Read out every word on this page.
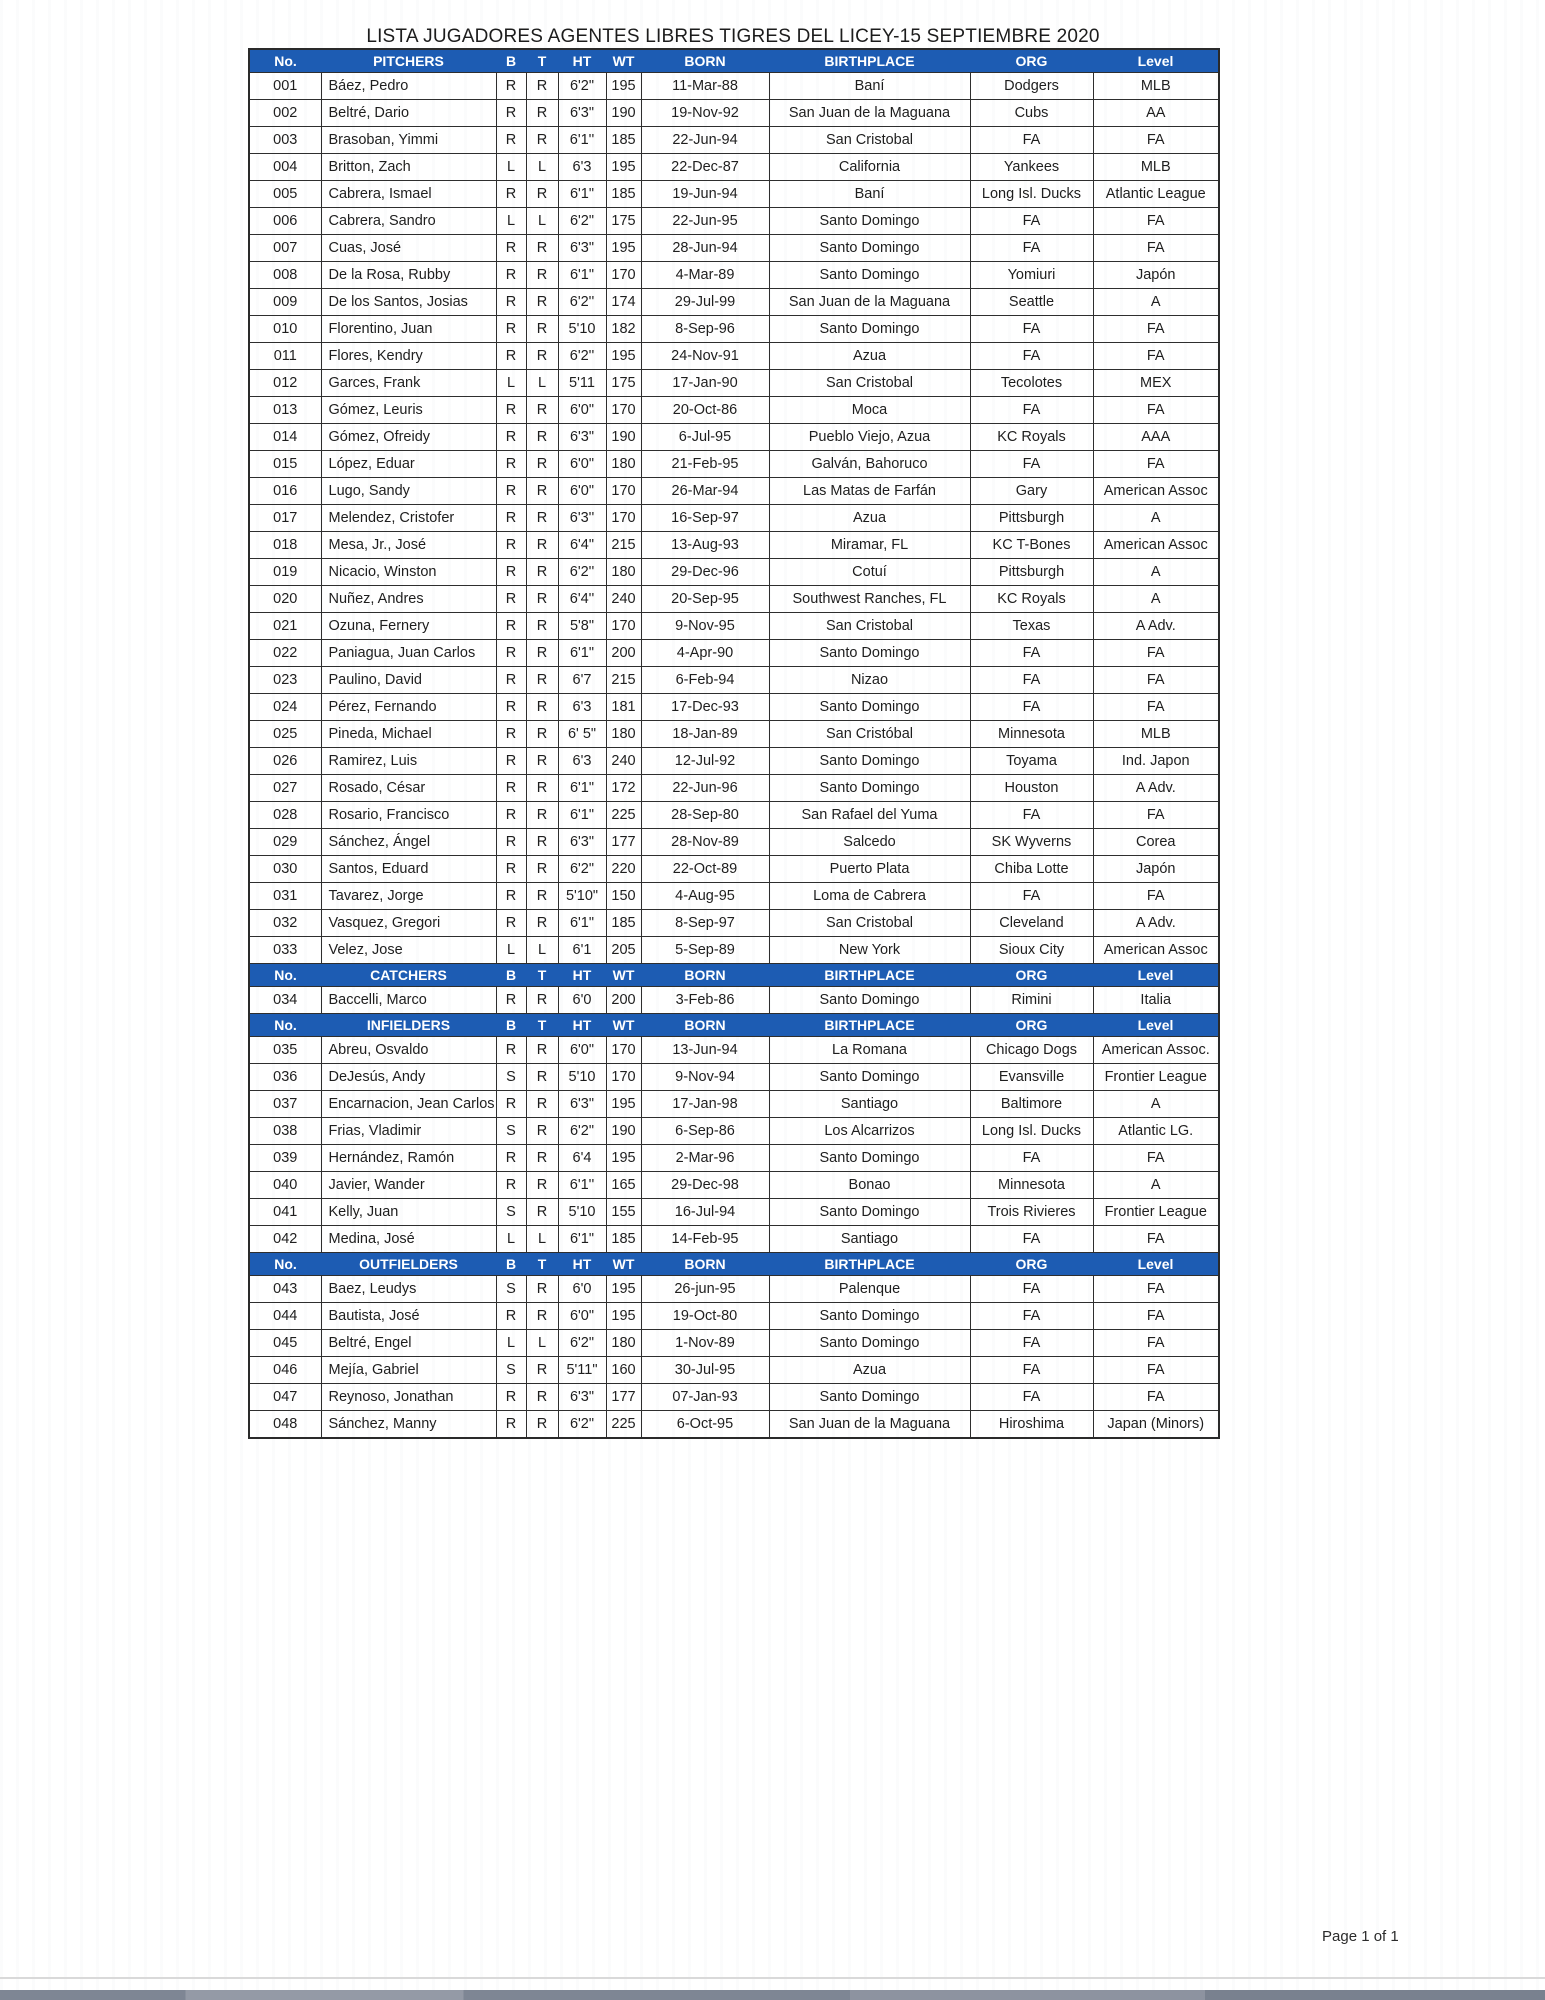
LISTA JUGADORES AGENTES LIBRES TIGRES DEL LICEY-15 SEPTIEMBRE 2020
No.	PITCHERS	B	T	HT	WT	BORN	BIRTHPLACE	ORG	Level
001	Báez, Pedro	R	R	6'2"	195	11-Mar-88	Baní	Dodgers	MLB
002	Beltré, Dario	R	R	6'3"	190	19-Nov-92	San Juan de la Maguana	Cubs	AA
003	Brasoban, Yimmi	R	R	6'1''	185	22-Jun-94	San Cristobal	FA	FA
004	Britton, Zach	L	L	6'3	195	22-Dec-87	California	Yankees	MLB
005	Cabrera, Ismael	R	R	6'1"	185	19-Jun-94	Baní	Long Isl. Ducks	Atlantic League
006	Cabrera, Sandro	L	L	6'2"	175	22-Jun-95	Santo Domingo	FA	FA
007	Cuas, José	R	R	6'3"	195	28-Jun-94	Santo Domingo	FA	FA
008	De la Rosa, Rubby	R	R	6'1"	170	4-Mar-89	Santo Domingo	Yomiuri	Japón
009	De los Santos, Josias	R	R	6'2''	174	29-Jul-99	San Juan de la Maguana	Seattle	A
010	Florentino, Juan	R	R	5'10	182	8-Sep-96	Santo Domingo	FA	FA
011	Flores, Kendry	R	R	6'2''	195	24-Nov-91	Azua	FA	FA
012	Garces, Frank	L	L	5'11	175	17-Jan-90	San Cristobal	Tecolotes	MEX
013	Gómez, Leuris	R	R	6'0"	170	20-Oct-86	Moca	FA	FA
014	Gómez, Ofreidy	R	R	6'3"	190	6-Jul-95	Pueblo Viejo, Azua	KC Royals	AAA
015	López, Eduar	R	R	6'0"	180	21-Feb-95	Galván, Bahoruco	FA	FA
016	Lugo, Sandy	R	R	6'0"	170	26-Mar-94	Las Matas de Farfán	Gary	American Assoc
017	Melendez, Cristofer	R	R	6'3''	170	16-Sep-97	Azua	Pittsburgh	A
018	Mesa, Jr., José	R	R	6'4"	215	13-Aug-93	Miramar, FL	KC T-Bones	American Assoc
019	Nicacio, Winston	R	R	6'2''	180	29-Dec-96	Cotuí	Pittsburgh	A
020	Nuñez, Andres	R	R	6'4''	240	20-Sep-95	Southwest Ranches, FL	KC Royals	A
021	Ozuna, Fernery	R	R	5'8"	170	9-Nov-95	San Cristobal	Texas	A Adv.
022	Paniagua, Juan Carlos	R	R	6'1"	200	4-Apr-90	Santo Domingo	FA	FA
023	Paulino, David	R	R	6'7	215	6-Feb-94	Nizao	FA	FA
024	Pérez, Fernando	R	R	6'3	181	17-Dec-93	Santo Domingo	FA	FA
025	Pineda, Michael	R	R	6' 5"	180	18-Jan-89	San Cristóbal	Minnesota	MLB
026	Ramirez, Luis	R	R	6'3	240	12-Jul-92	Santo Domingo	Toyama	Ind. Japon
027	Rosado, César	R	R	6'1"	172	22-Jun-96	Santo Domingo	Houston	A Adv.
028	Rosario, Francisco	R	R	6'1"	225	28-Sep-80	San Rafael del Yuma	FA	FA
029	Sánchez, Ángel	R	R	6'3"	177	28-Nov-89	Salcedo	SK Wyverns	Corea
030	Santos, Eduard	R	R	6'2"	220	22-Oct-89	Puerto Plata	Chiba Lotte	Japón
031	Tavarez, Jorge	R	R	5'10"	150	4-Aug-95	Loma de Cabrera	FA	FA
032	Vasquez, Gregori	R	R	6'1"	185	8-Sep-97	San Cristobal	Cleveland	A Adv.
033	Velez, Jose	L	L	6'1	205	5-Sep-89	New York	Sioux City	American Assoc
No.	CATCHERS	B	T	HT	WT	BORN	BIRTHPLACE	ORG	Level
034	Baccelli, Marco	R	R	6'0	200	3-Feb-86	Santo Domingo	Rimini	Italia
No.	INFIELDERS	B	T	HT	WT	BORN	BIRTHPLACE	ORG	Level
035	Abreu, Osvaldo	R	R	6'0"	170	13-Jun-94	La Romana	Chicago Dogs	American Assoc.
036	DeJesús, Andy	S	R	5'10	170	9-Nov-94	Santo Domingo	Evansville	Frontier League
037	Encarnacion, Jean Carlos	R	R	6'3"	195	17-Jan-98	Santiago	Baltimore	A
038	Frias, Vladimir	S	R	6'2"	190	6-Sep-86	Los Alcarrizos	Long Isl. Ducks	Atlantic LG.
039	Hernández, Ramón	R	R	6'4	195	2-Mar-96	Santo Domingo	FA	FA
040	Javier, Wander	R	R	6'1''	165	29-Dec-98	Bonao	Minnesota	A
041	Kelly, Juan	S	R	5'10	155	16-Jul-94	Santo Domingo	Trois Rivieres	Frontier League
042	Medina, José	L	L	6'1"	185	14-Feb-95	Santiago	FA	FA
No.	OUTFIELDERS	B	T	HT	WT	BORN	BIRTHPLACE	ORG	Level
043	Baez, Leudys	S	R	6'0	195	26-jun-95	Palenque	FA	FA
044	Bautista, José	R	R	6'0"	195	19-Oct-80	Santo Domingo	FA	FA
045	Beltré, Engel	L	L	6'2"	180	1-Nov-89	Santo Domingo	FA	FA
046	Mejía, Gabriel	S	R	5'11"	160	30-Jul-95	Azua	FA	FA
047	Reynoso, Jonathan	R	R	6'3"	177	07-Jan-93	Santo Domingo	FA	FA
048	Sánchez, Manny	R	R	6'2"	225	6-Oct-95	San Juan de la Maguana	Hiroshima	Japan (Minors)
Page 1 of 1
